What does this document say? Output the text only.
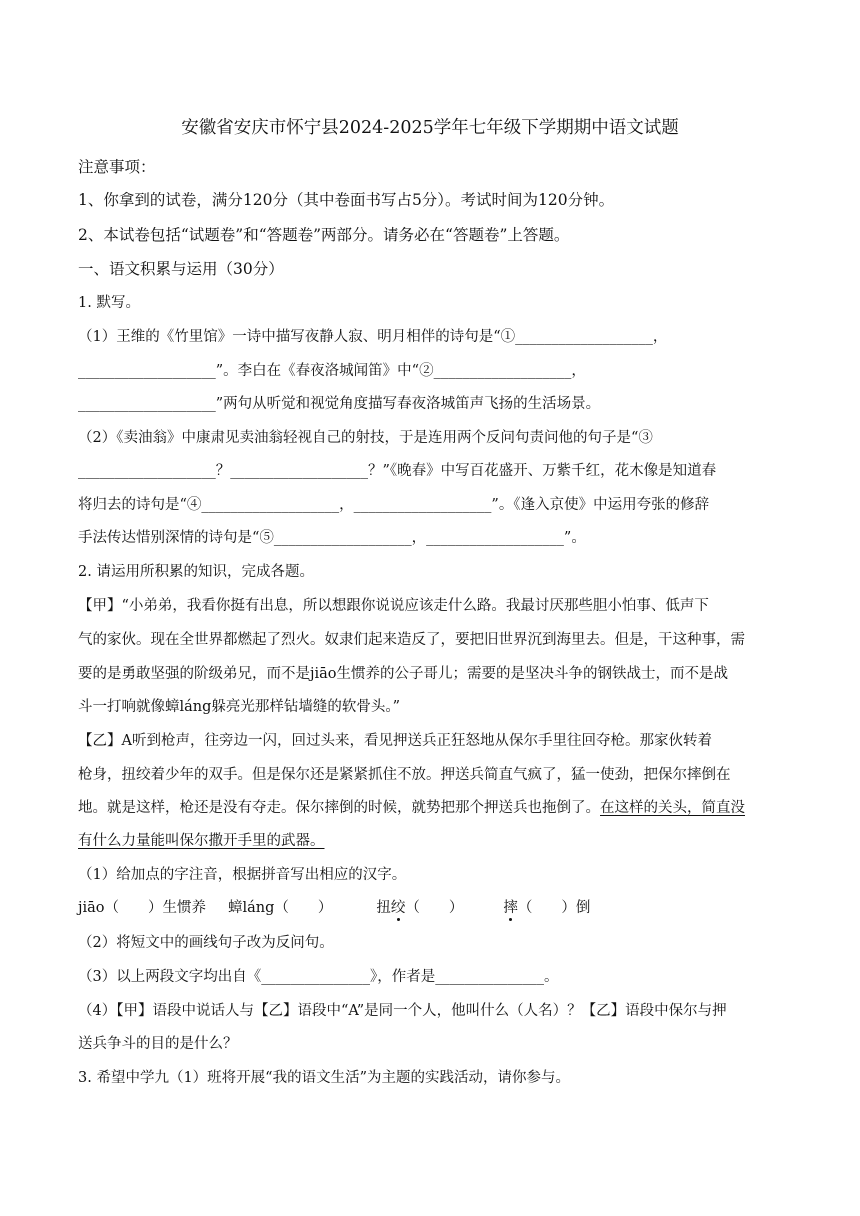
安徽省安庆市怀宁县2024-2025学年七年级下学期期中语文试题
注意事项：
1、你拿到的试卷，满分120分（其中卷面书写占5分）。考试时间为120分钟。
2、本试卷包括“试题卷”和“答题卷”两部分。请务必在“答题卷”上答题。
一、语文积累与运用（30分）
1. 默写。
（1）王维的《竹里馆》一诗中描写夜静人寂、明月相伴的诗句是“①___________________，
___________________”。李白在《春夜洛城闻笛》中“②___________________，
___________________”两句从听觉和视觉角度描写春夜洛城笛声飞扬的生活场景。
（2）《卖油翁》中康肃见卖油翁轻视自己的射技，于是连用两个反问句责问他的句子是“③
___________________？___________________？”《晚春》中写百花盛开、万紫千红，花木像是知道春
将归去的诗句是“④___________________，___________________”。《逢入京使》中运用夸张的修辞
手法传达惜别深情的诗句是“⑤___________________，___________________”。
2. 请运用所积累的知识，完成各题。
【甲】“小弟弟，我看你挺有出息，所以想跟你说说应该走什么路。我最讨厌那些胆小怕事、低声下
气的家伙。现在全世界都燃起了烈火。奴隶们起来造反了，要把旧世界沉到海里去。但是，干这种事，需
要的是勇敢坚强的阶级弟兄，而不是jiāo生惯养的公子哥儿；需要的是坚决斗争的钢铁战士，而不是战
斗一打响就像蟑láng躲亮光那样钻墙缝的软骨头。”
【乙】A听到枪声，往旁边一闪，回过头来，看见押送兵正狂怒地从保尔手里往回夺枪。那家伙转着
枪身，扭绞着少年的双手。但是保尔还是紧紧抓住不放。押送兵简直气疯了，猛一使劲，把保尔摔倒在
地。就是这样，枪还是没有夺走。保尔摔倒的时候，就势把那个押送兵也拖倒了。在这样的关头，简直没
有什么力量能叫保尔撒开手里的武器。
（1）给加点的字注音，根据拼音写出相应的汉字。
jiāo（　　）生惯养 蟑láng（　　）	扭绞（　　）	摔（　　）倒
（2）将短文中的画线句子改为反问句。
（3）以上两段文字均出自《_______________》，作者是_______________。
（4）【甲】语段中说话人与【乙】语段中“A”是同一个人，他叫什么（人名）？【乙】语段中保尔与押
送兵争斗的目的是什么？
3. 希望中学九（1）班将开展“我的语文生活”为主题的实践活动，请你参与。
